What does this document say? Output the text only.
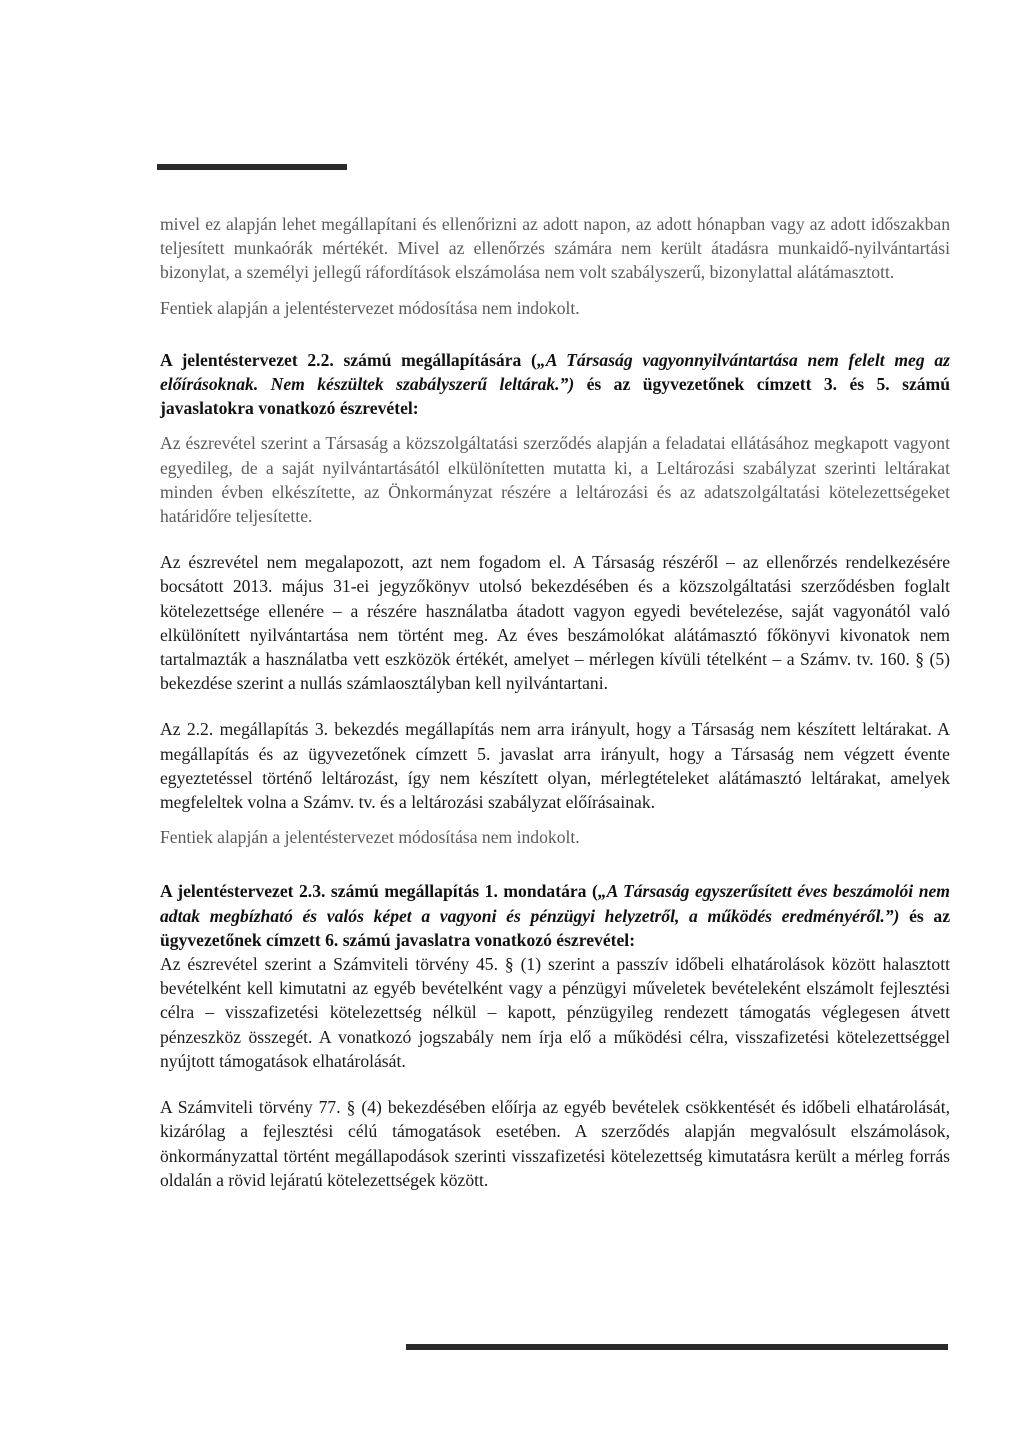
mivel ez alapján lehet megállapítani és ellenőrizni az adott napon, az adott hónapban vagy az adott időszakban teljesített munkaórák mértékét. Mivel az ellenőrzés számára nem került átadásra munkaidő-nyilvántartási bizonylat, a személyi jellegű ráfordítások elszámolása nem volt szabályszerű, bizonylattal alátámasztott.

Fentiek alapján a jelentéstervezet módosítása nem indokolt.

A jelentéstervezet 2.2. számú megállapítására („A Társaság vagyonnyilvántartása nem felelt meg az előírásoknak. Nem készültek szabályszerű leltárak.”) és az ügyvezetőnek címzett 3. és 5. számú javaslatokra vonatkozó észrevétel:

Az észrevétel szerint a Társaság a közszolgáltatási szerződés alapján a feladatai ellátásához megkapott vagyont egyedileg, de a saját nyilvántartásától elkülönítetten mutatta ki, a Leltározási szabályzat szerinti leltárakat minden évben elkészítette, az Önkormányzat részére a leltározási és az adatszolgáltatási kötelezettségeket határidőre teljesítette.

Az észrevétel nem megalapozott, azt nem fogadom el. A Társaság részéről – az ellenőrzés rendelkezésére bocsátott 2013. május 31-ei jegyzőkönyv utolsó bekezdésében és a közszolgáltatási szerződésben foglalt kötelezettsége ellenére – a részére használatba átadott vagyon egyedi bevételezése, saját vagyonától való elkülönített nyilvántartása nem történt meg. Az éves beszámolókat alátámasztó főkönyvi kivonatok nem tartalmazták a használatba vett eszközök értékét, amelyet – mérlegen kívüli tételként – a Számv. tv. 160. § (5) bekezdése szerint a nullás számlaosztályban kell nyilvántartani.

Az 2.2. megállapítás 3. bekezdés megállapítás nem arra irányult, hogy a Társaság nem készített leltárakat. A megállapítás és az ügyvezetőnek címzett 5. javaslat arra irányult, hogy a Társaság nem végzett évente egyeztetéssel történő leltározást, így nem készített olyan, mérlegtételeket alátámasztó leltárakat, amelyek megfeleltek volna a Számv. tv. és a leltározási szabályzat előírásainak.

Fentiek alapján a jelentéstervezet módosítása nem indokolt.

A jelentéstervezet 2.3. számú megállapítás 1. mondatára („A Társaság egyszerűsített éves beszámolói nem adtak megbízható és valós képet a vagyoni és pénzügyi helyzetről, a működés eredményéről.”) és az ügyvezetőnek címzett 6. számú javaslatra vonatkozó észrevétel:

Az észrevétel szerint a Számviteli törvény 45. § (1) szerint a passzív időbeli elhatárolások között halasztott bevételként kell kimutatni az egyéb bevételként vagy a pénzügyi műveletek bevételeként elszámolt fejlesztési célra – visszafizetési kötelezettség nélkül – kapott, pénzügyileg rendezett támogatás véglegesen átvett pénzeszköz összegét. A vonatkozó jogszabály nem írja elő a működési célra, visszafizetési kötelezettséggel nyújtott támogatások elhatárolását.

A Számviteli törvény 77. § (4) bekezdésében előírja az egyéb bevételek csökkentését és időbeli elhatárolását, kizárólag a fejlesztési célú támogatások esetében. A szerződés alapján megvalósult elszámolások, önkormányzattal történt megállapodások szerinti visszafizetési kötelezettség kimutatásra került a mérleg forrás oldalán a rövid lejáratú kötelezettségek között.
